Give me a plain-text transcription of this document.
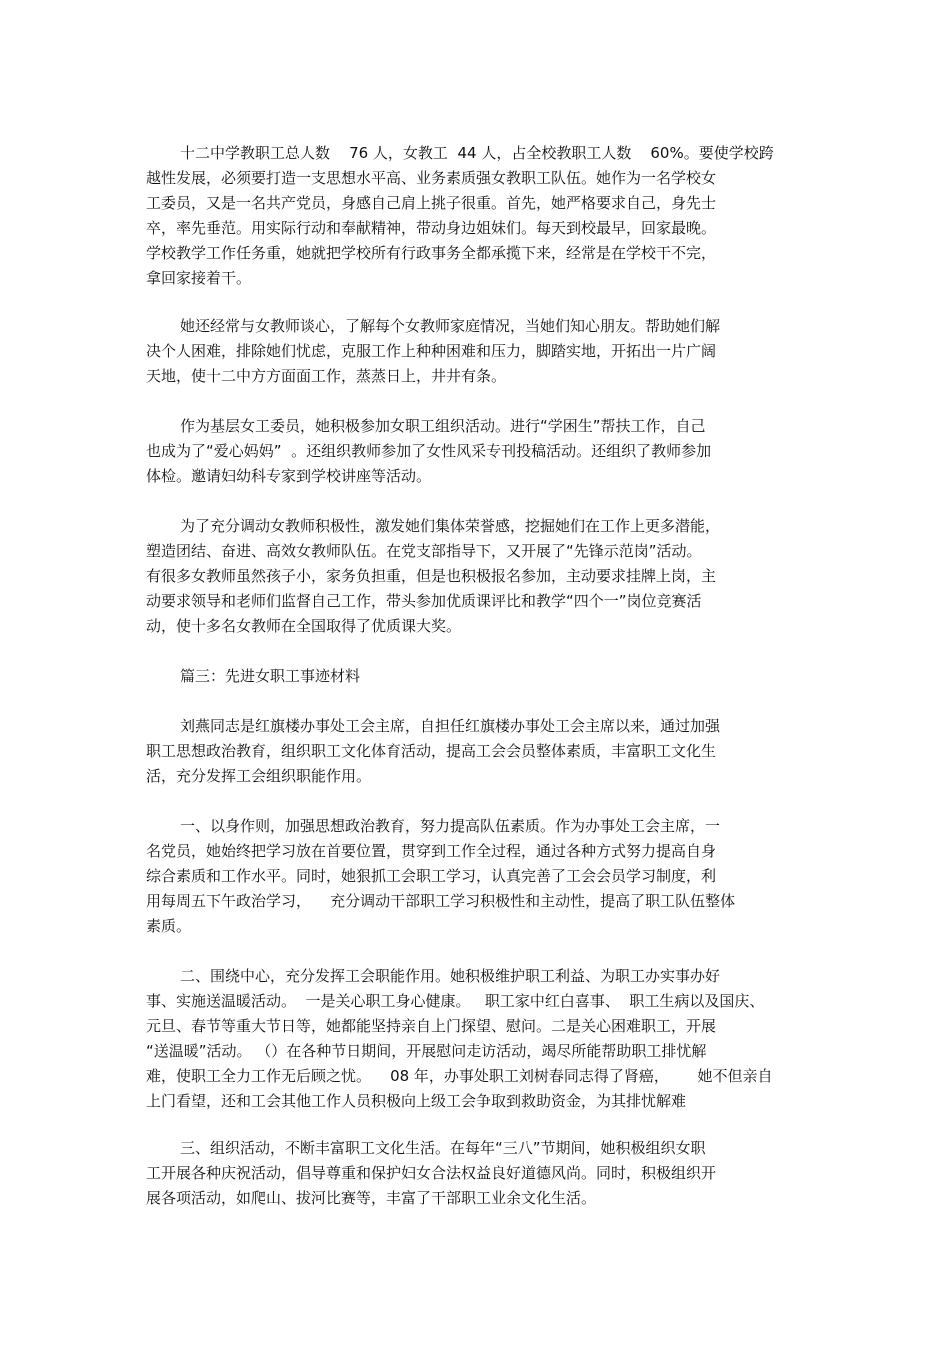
十二中学教职工总人数    76 人，女教工  44 人，占全校教职工人数    60%。要使学校跨
越性发展，必须要打造一支思想水平高、业务素质强女教职工队伍。她作为一名学校女
工委员，又是一名共产党员，身感自己肩上挑子很重。首先，她严格要求自己，身先士
卒，率先垂范。用实际行动和奉献精神，带动身边姐妹们。每天到校最早，回家最晚。
学校教学工作任务重，她就把学校所有行政事务全都承揽下来，经常是在学校干不完，
拿回家接着干。
她还经常与女教师谈心，了解每个女教师家庭情况，当她们知心朋友。帮助她们解
决个人困难，排除她们忧虑，克服工作上种种困难和压力，脚踏实地，开拓出一片广阔
天地，使十二中方方面面工作，蒸蒸日上，井井有条。
作为基层女工委员，她积极参加女职工组织活动。进行“学困生”帮扶工作，自己
也成为了“爱心妈妈”  。还组织教师参加了女性风采专刊投稿活动。还组织了教师参加
体检。邀请妇幼科专家到学校讲座等活动。
为了充分调动女教师积极性，激发她们集体荣誉感，挖掘她们在工作上更多潜能，
塑造团结、奋进、高效女教师队伍。在党支部指导下，又开展了“先锋示范岗”活动。
有很多女教师虽然孩子小，家务负担重，但是也积极报名参加，主动要求挂牌上岗，主
动要求领导和老师们监督自己工作，带头参加优质课评比和教学“四个一”岗位竞赛活
动，使十多名女教师在全国取得了优质课大奖。
篇三：先进女职工事迹材料
刘燕同志是红旗楼办事处工会主席，自担任红旗楼办事处工会主席以来，通过加强
职工思想政治教育，组织职工文化体育活动，提高工会会员整体素质，丰富职工文化生
活，充分发挥工会组织职能作用。
一、以身作则，加强思想政治教育，努力提高队伍素质。作为办事处工会主席，一
名党员，她始终把学习放在首要位置，贯穿到工作全过程，通过各种方式努力提高自身
综合素质和工作水平。同时，她狠抓工会职工学习，认真完善了工会会员学习制度，利
用每周五下午政治学习，    充分调动干部职工学习积极性和主动性，提高了职工队伍整体
素质。
二、围绕中心，充分发挥工会职能作用。她积极维护职工利益、为职工办实事办好
事、实施送温暖活动。  一是关心职工身心健康。   职工家中红白喜事、  职工生病以及国庆、
元旦、春节等重大节日等，她都能坚持亲自上门探望、慰问。二是关心困难职工，开展
“送温暖”活动。 （）在各种节日期间，开展慰问走访活动，竭尽所能帮助职工排忧解
难，使职工全力工作无后顾之忧。    08 年，办事处职工刘树春同志得了肾癌，      她不但亲自
上门看望，还和工会其他工作人员积极向上级工会争取到救助资金，为其排忧解难
三、组织活动，不断丰富职工文化生活。在每年“三八”节期间，她积极组织女职
工开展各种庆祝活动，倡导尊重和保护妇女合法权益良好道德风尚。同时，积极组织开
展各项活动，如爬山、拔河比赛等，丰富了干部职工业余文化生活。
